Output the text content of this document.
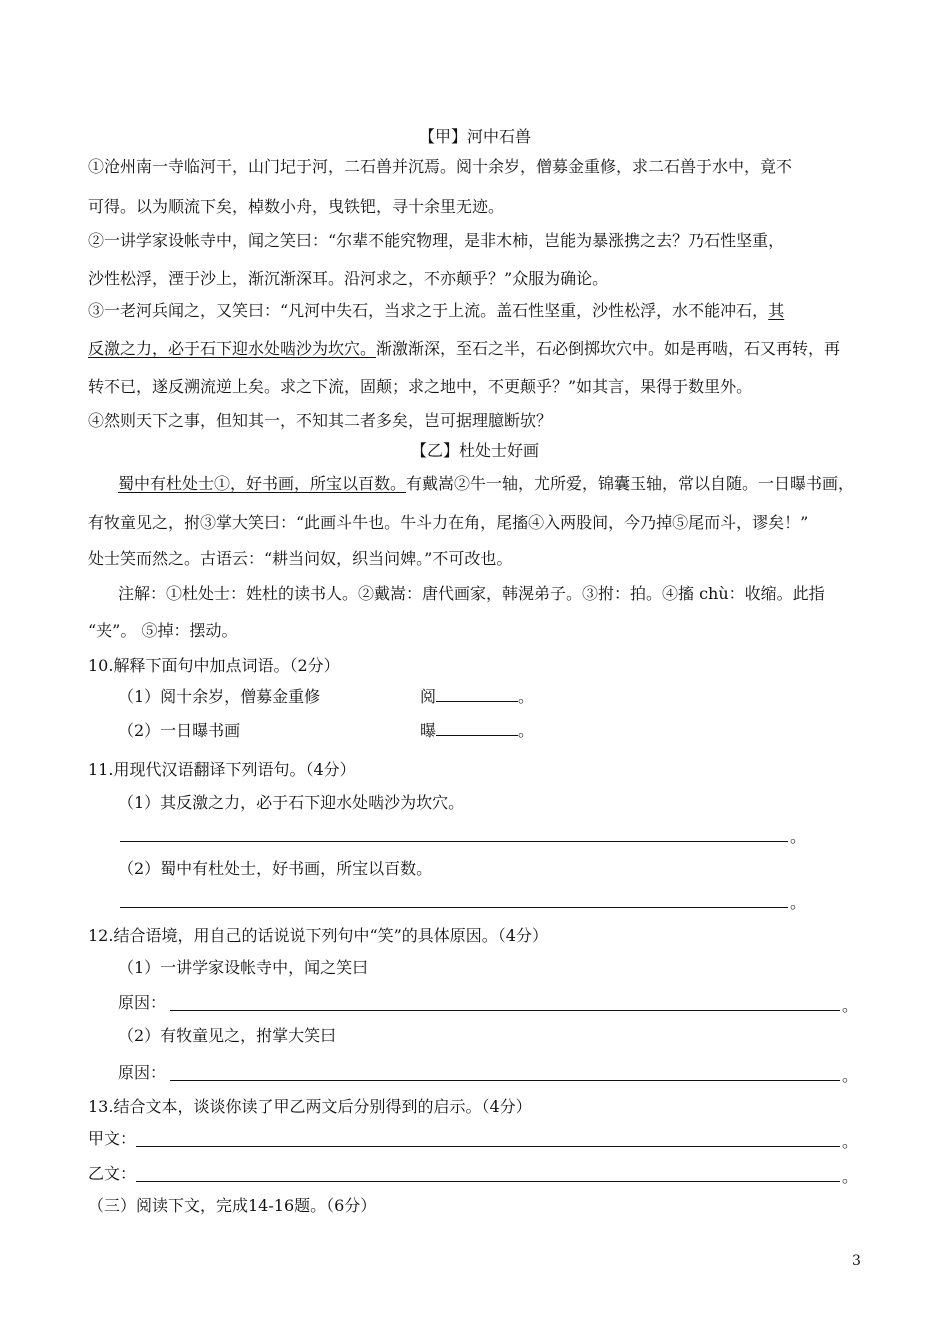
【甲】河中石兽
①沧州南一寺临河干，山门圮于河，二石兽并沉焉。阅十余岁，僧募金重修，求二石兽于水中，竟不
可得。以为顺流下矣，棹数小舟，曳铁钯，寻十余里无迹。
②一讲学家设帐寺中，闻之笑曰：“尔辈不能究物理，是非木柿，岂能为暴涨携之去？乃石性坚重，
沙性松浮，湮于沙上，渐沉渐深耳。沿河求之，不亦颠乎？”众服为确论。
③一老河兵闻之，又笑曰：“凡河中失石，当求之于上流。盖石性坚重，沙性松浮，水不能冲石，其
反激之力，必于石下迎水处啮沙为坎穴。渐激渐深，至石之半，石必倒掷坎穴中。如是再啮，石又再转，再
转不已，遂反溯流逆上矣。求之下流，固颠；求之地中，不更颠乎？”如其言，果得于数里外。
④然则天下之事，但知其一，不知其二者多矣，岂可据理臆断欤？
【乙】杜处士好画
蜀中有杜处士①，好书画，所宝以百数。有戴嵩②牛一轴，尤所爱，锦囊玉轴，常以自随。一日曝书画，
有牧童见之，拊③掌大笑曰：“此画斗牛也。牛斗力在角，尾搐④入两股间，今乃掉⑤尾而斗，谬矣！”
处士笑而然之。古语云：“耕当问奴，织当问婢。”不可改也。
注解：①杜处士：姓杜的读书人。②戴嵩：唐代画家，韩滉弟子。③拊：拍。④搐 chù：收缩。此指
“夹”。 ⑤掉：摆动。
10.解释下面句中加点词语。（2分）
（1）阅十余岁，僧募金重修	阅	。
（2）一日曝书画	曝	。
11.用现代汉语翻译下列语句。（4分）
（1）其反激之力，必于石下迎水处啮沙为坎穴。
。
（2）蜀中有杜处士，好书画，所宝以百数。
。
12.结合语境，用自己的话说说下列句中“笑”的具体原因。（4分）
（1）一讲学家设帐寺中，闻之笑曰
原因：	。
（2）有牧童见之，拊掌大笑曰
原因：	。
13.结合文本，谈谈你读了甲乙两文后分别得到的启示。（4分）
甲文：	。
乙文：	。
（三）阅读下文，完成14-16题。（6分）
3
